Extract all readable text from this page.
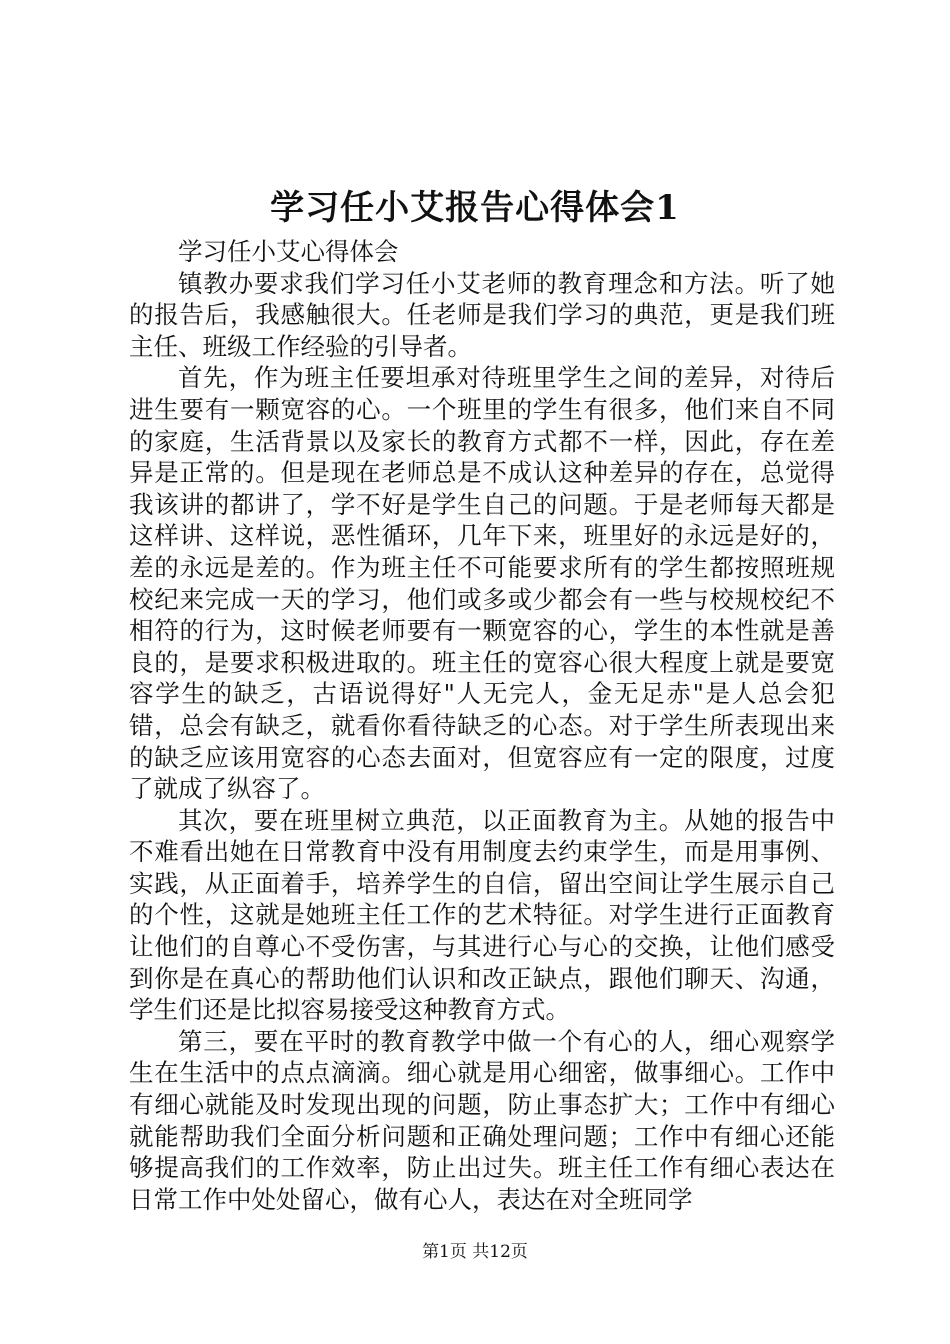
学习任小艾报告心得体会1

学习任小艾心得体会

镇教办要求我们学习任小艾老师的教育理念和方法。听了她的报告后，我感触很大。任老师是我们学习的典范，更是我们班主任、班级工作经验的引导者。

首先，作为班主任要坦承对待班里学生之间的差异，对待后进生要有一颗宽容的心。一个班里的学生有很多，他们来自不同的家庭，生活背景以及家长的教育方式都不一样，因此，存在差异是正常的。但是现在老师总是不成认这种差异的存在，总觉得我该讲的都讲了，学不好是学生自己的问题。于是老师每天都是这样讲、这样说，恶性循环，几年下来，班里好的永远是好的，差的永远是差的。作为班主任不可能要求所有的学生都按照班规校纪来完成一天的学习，他们或多或少都会有一些与校规校纪不相符的行为，这时候老师要有一颗宽容的心，学生的本性就是善良的，是要求积极进取的。班主任的宽容心很大程度上就是要宽容学生的缺乏，古语说得好"人无完人，金无足赤"是人总会犯错，总会有缺乏，就看你看待缺乏的心态。对于学生所表现出来的缺乏应该用宽容的心态去面对，但宽容应有一定的限度，过度了就成了纵容了。

其次，要在班里树立典范，以正面教育为主。从她的报告中不难看出她在日常教育中没有用制度去约束学生，而是用事例、实践，从正面着手，培养学生的自信，留出空间让学生展示自己的个性，这就是她班主任工作的艺术特征。对学生进行正面教育让他们的自尊心不受伤害，与其进行心与心的交换，让他们感受到你是在真心的帮助他们认识和改正缺点，跟他们聊天、沟通，学生们还是比拟容易接受这种教育方式。

第三，要在平时的教育教学中做一个有心的人，细心观察学生在生活中的点点滴滴。细心就是用心细密，做事细心。工作中有细心就能及时发现出现的问题，防止事态扩大；工作中有细心就能帮助我们全面分析问题和正确处理问题；工作中有细心还能够提高我们的工作效率，防止出过失。班主任工作有细心表达在日常工作中处处留心，做有心人，表达在对全班同学

第1页 共12页
